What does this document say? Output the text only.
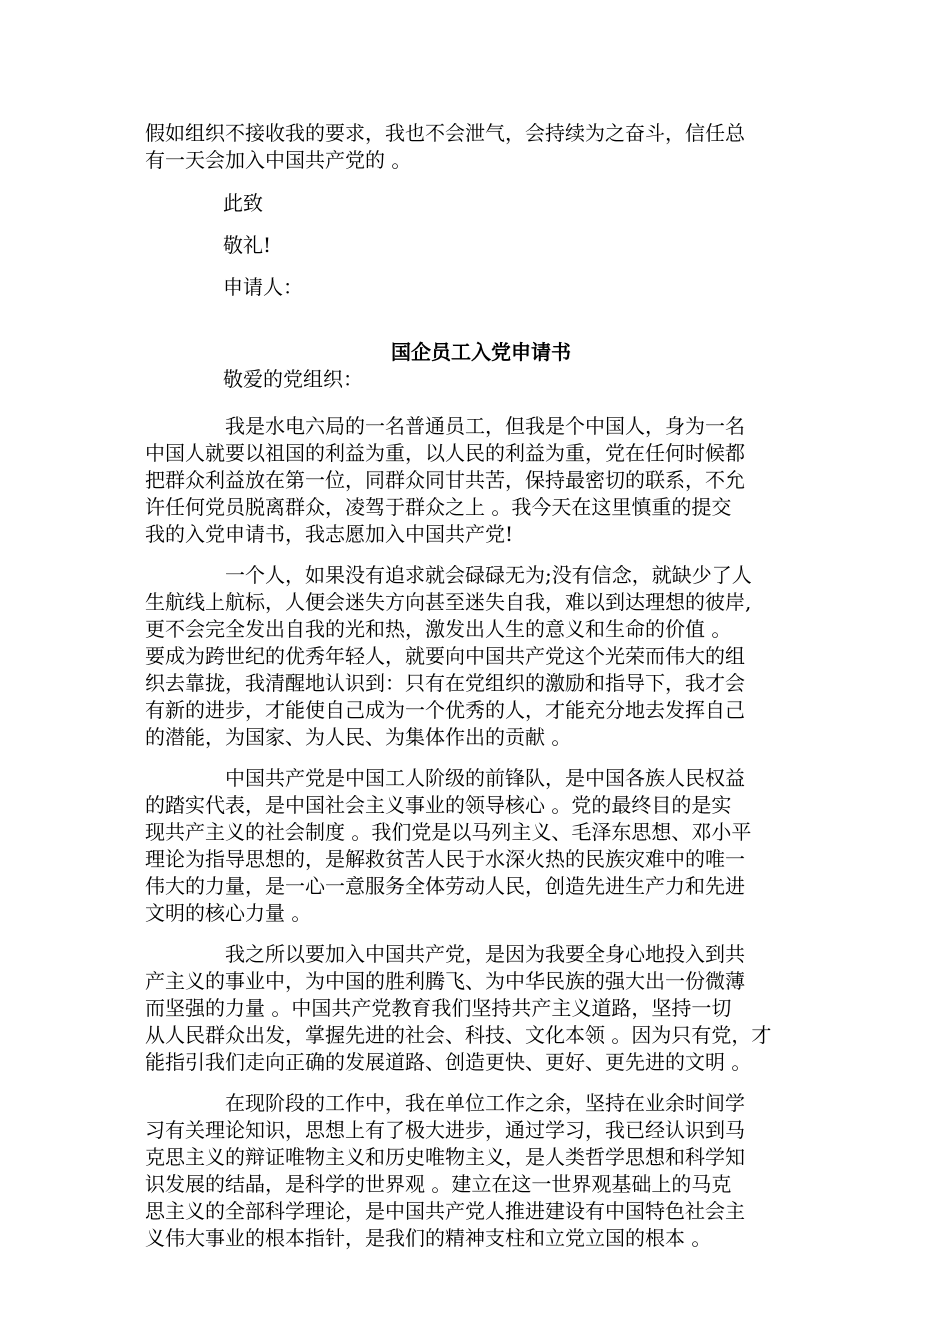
假如组织不接收我的要求，我也不会泄气，会持续为之奋斗，信任总
有一天会加入中国共产党的 。

此致

敬礼!

申请人：

国企员工入党申请书

敬爱的党组织：

我是水电六局的一名普通员工，但我是个中国人，身为一名
中国人就要以祖国的利益为重，以人民的利益为重，党在任何时候都
把群众利益放在第一位，同群众同甘共苦，保持最密切的联系，不允
许任何党员脱离群众，凌驾于群众之上 。我今天在这里慎重的提交
我的入党申请书，我志愿加入中国共产党!
一个人，如果没有追求就会碌碌无为;没有信念，就缺少了人
生航线上航标，人便会迷失方向甚至迷失自我，难以到达理想的彼岸,
更不会完全发出自我的光和热，激发出人生的意义和生命的价值 。
要成为跨世纪的优秀年轻人，就要向中国共产党这个光荣而伟大的组
织去靠拢，我清醒地认识到：只有在党组织的激励和指导下，我才会
有新的进步，才能使自己成为一个优秀的人，才能充分地去发挥自己
的潜能，为国家、为人民、为集体作出的贡献 。
中国共产党是中国工人阶级的前锋队，是中国各族人民权益
的踏实代表，是中国社会主义事业的领导核心 。党的最终目的是实
现共产主义的社会制度 。我们党是以马列主义、毛泽东思想、邓小平
理论为指导思想的，是解救贫苦人民于水深火热的民族灾难中的唯一
伟大的力量，是一心一意服务全体劳动人民，创造先进生产力和先进
文明的核心力量 。
我之所以要加入中国共产党，是因为我要全身心地投入到共
产主义的事业中，为中国的胜利腾飞、为中华民族的强大出一份微薄
而坚强的力量 。中国共产党教育我们坚持共产主义道路，坚持一切
从人民群众出发，掌握先进的社会、科技、文化本领 。因为只有党，才
能指引我们走向正确的发展道路、创造更快、更好、更先进的文明 。
在现阶段的工作中，我在单位工作之余，坚持在业余时间学
习有关理论知识，思想上有了极大进步，通过学习，我已经认识到马
克思主义的辩证唯物主义和历史唯物主义，是人类哲学思想和科学知
识发展的结晶，是科学的世界观 。建立在这一世界观基础上的马克
思主义的全部科学理论，是中国共产党人推进建设有中国特色社会主
义伟大事业的根本指针，是我们的精神支柱和立党立国的根本 。
